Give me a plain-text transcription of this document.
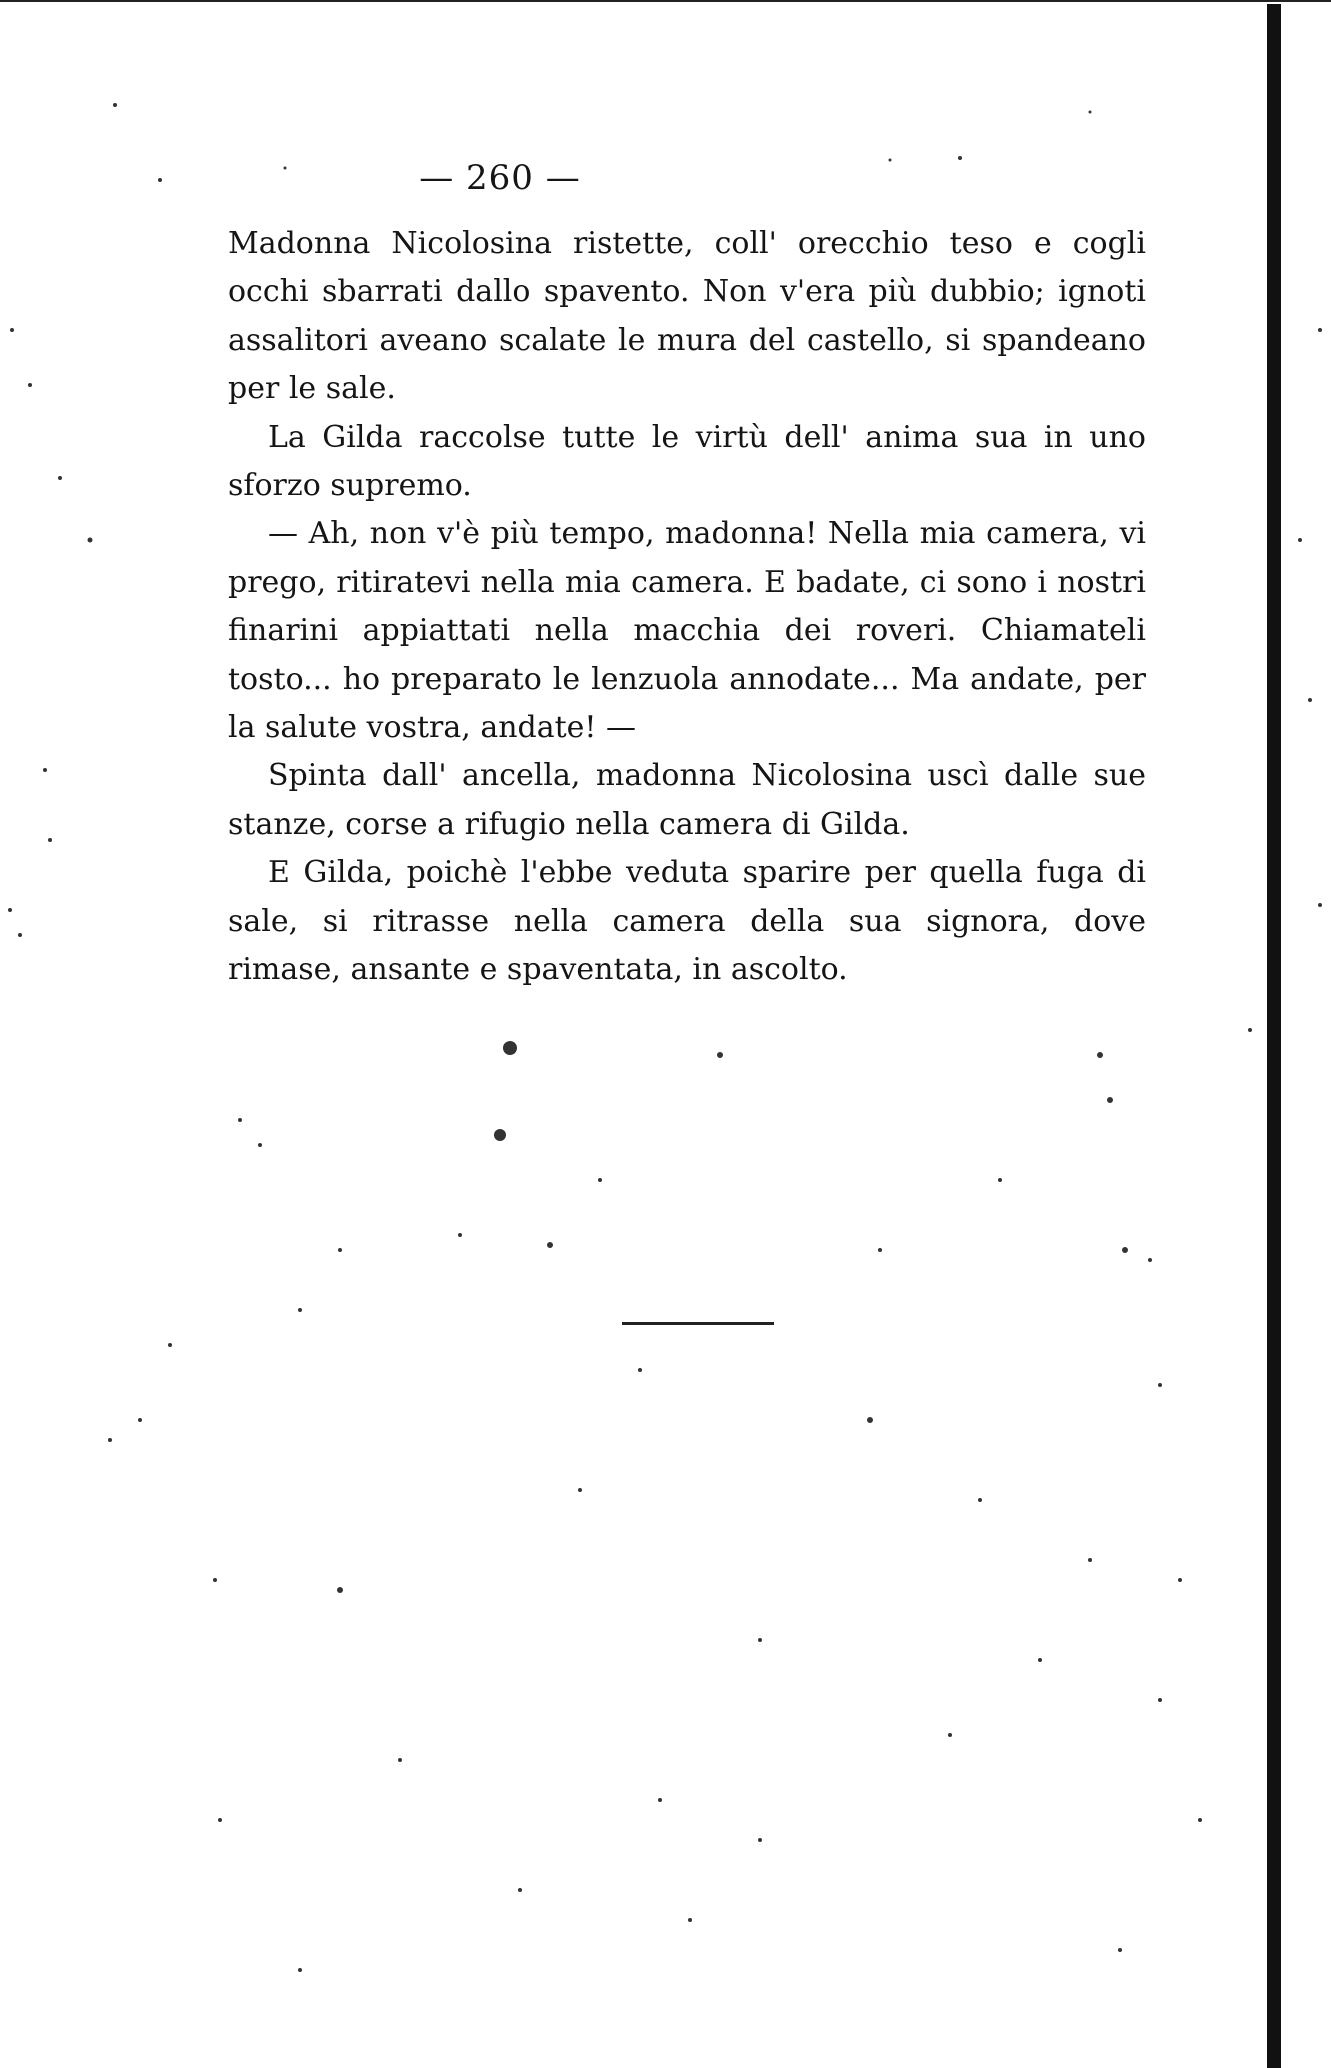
— 260 —

Madonna Nicolosina ristette, coll' orecchio teso e cogli occhi sbarrati dallo spavento. Non v'era più dubbio; ignoti assalitori aveano scalate le mura del castello, si spandeano per le sale.

La Gilda raccolse tutte le virtù dell' anima sua in uno sforzo supremo.

— Ah, non v'è più tempo, madonna! Nella mia camera, vi prego, ritiratevi nella mia camera. E badate, ci sono i nostri finarini appiattati nella macchia dei roveri. Chiamateli tosto... ho preparato le lenzuola annodate... Ma andate, per la salute vostra, andate! —

Spinta dall' ancella, madonna Nicolosina uscì dalle sue stanze, corse a rifugio nella camera di Gilda.

E Gilda, poichè l'ebbe veduta sparire per quella fuga di sale, si ritrasse nella camera della sua signora, dove rimase, ansante e spaventata, in ascolto.
